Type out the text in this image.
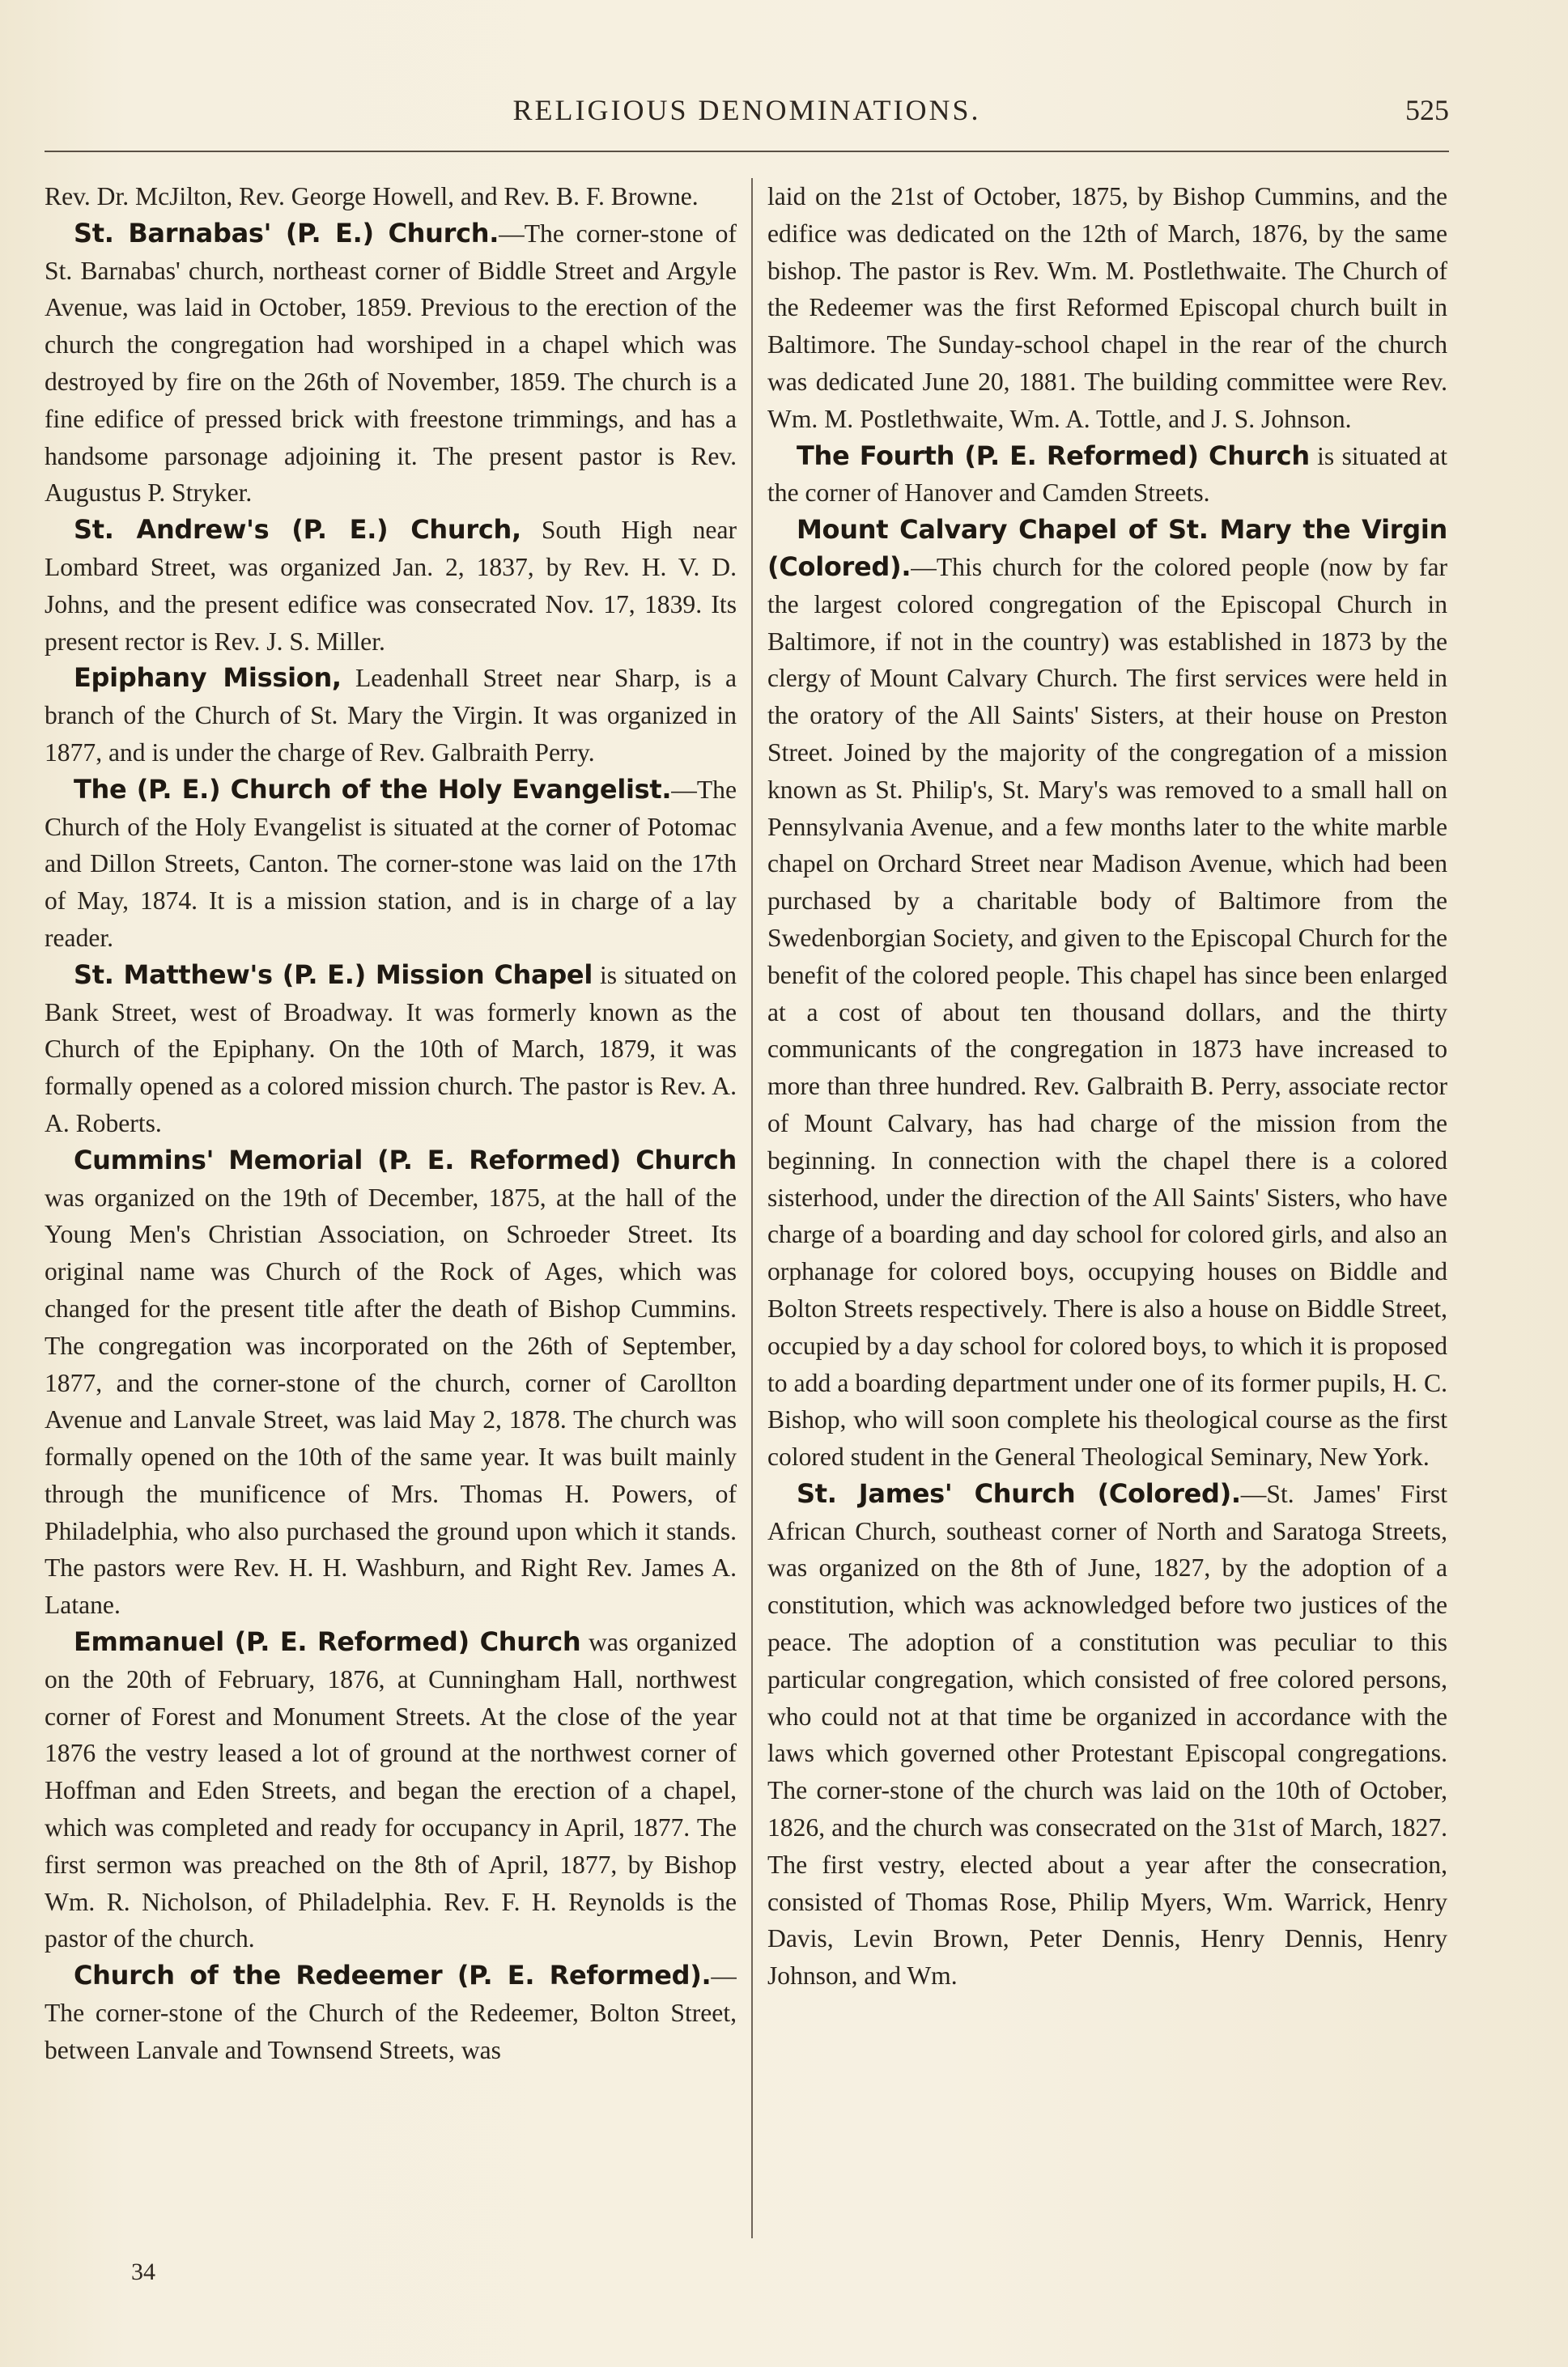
RELIGIOUS DENOMINATIONS.	525

Rev. Dr. McJilton, Rev. George Howell, and Rev. B. F. Browne.

St. Barnabas' (P. E.) Church.—The corner-stone of St. Barnabas' church, northeast corner of Biddle Street and Argyle Avenue, was laid in October, 1859. Previous to the erection of the church the congregation had worshiped in a chapel which was destroyed by fire on the 26th of November, 1859. The church is a fine edifice of pressed brick with freestone trimmings, and has a handsome parsonage adjoining it. The present pastor is Rev. Augustus P. Stryker.

St. Andrew's (P. E.) Church, South High near Lombard Street, was organized Jan. 2, 1837, by Rev. H. V. D. Johns, and the present edifice was consecrated Nov. 17, 1839. Its present rector is Rev. J. S. Miller.

Epiphany Mission, Leadenhall Street near Sharp, is a branch of the Church of St. Mary the Virgin. It was organized in 1877, and is under the charge of Rev. Galbraith Perry.

The (P. E.) Church of the Holy Evangelist.—The Church of the Holy Evangelist is situated at the corner of Potomac and Dillon Streets, Canton. The corner-stone was laid on the 17th of May, 1874. It is a mission station, and is in charge of a lay reader.

St. Matthew's (P. E.) Mission Chapel is situated on Bank Street, west of Broadway. It was formerly known as the Church of the Epiphany. On the 10th of March, 1879, it was formally opened as a colored mission church. The pastor is Rev. A. A. Roberts.

Cummins' Memorial (P. E. Reformed) Church was organized on the 19th of December, 1875, at the hall of the Young Men's Christian Association, on Schroeder Street. Its original name was Church of the Rock of Ages, which was changed for the present title after the death of Bishop Cummins. The congregation was incorporated on the 26th of September, 1877, and the corner-stone of the church, corner of Carollton Avenue and Lanvale Street, was laid May 2, 1878. The church was formally opened on the 10th of the same year. It was built mainly through the munificence of Mrs. Thomas H. Powers, of Philadelphia, who also purchased the ground upon which it stands. The pastors were Rev. H. H. Washburn, and Right Rev. James A. Latane.

Emmanuel (P. E. Reformed) Church was organized on the 20th of February, 1876, at Cunningham Hall, northwest corner of Forest and Monument Streets. At the close of the year 1876 the vestry leased a lot of ground at the northwest corner of Hoffman and Eden Streets, and began the erection of a chapel, which was completed and ready for occupancy in April, 1877. The first sermon was preached on the 8th of April, 1877, by Bishop Wm. R. Nicholson, of Philadelphia. Rev. F. H. Reynolds is the pastor of the church.

Church of the Redeemer (P. E. Reformed).—The corner-stone of the Church of the Redeemer, Bolton Street, between Lanvale and Townsend Streets, was

laid on the 21st of October, 1875, by Bishop Cummins, and the edifice was dedicated on the 12th of March, 1876, by the same bishop. The pastor is Rev. Wm. M. Postlethwaite. The Church of the Redeemer was the first Reformed Episcopal church built in Baltimore. The Sunday-school chapel in the rear of the church was dedicated June 20, 1881. The building committee were Rev. Wm. M. Postlethwaite, Wm. A. Tottle, and J. S. Johnson.

The Fourth (P. E. Reformed) Church is situated at the corner of Hanover and Camden Streets.

Mount Calvary Chapel of St. Mary the Virgin (Colored).—This church for the colored people (now by far the largest colored congregation of the Episcopal Church in Baltimore, if not in the country) was established in 1873 by the clergy of Mount Calvary Church. The first services were held in the oratory of the All Saints' Sisters, at their house on Preston Street. Joined by the majority of the congregation of a mission known as St. Philip's, St. Mary's was removed to a small hall on Pennsylvania Avenue, and a few months later to the white marble chapel on Orchard Street near Madison Avenue, which had been purchased by a charitable body of Baltimore from the Swedenborgian Society, and given to the Episcopal Church for the benefit of the colored people. This chapel has since been enlarged at a cost of about ten thousand dollars, and the thirty communicants of the congregation in 1873 have increased to more than three hundred. Rev. Galbraith B. Perry, associate rector of Mount Calvary, has had charge of the mission from the beginning. In connection with the chapel there is a colored sisterhood, under the direction of the All Saints' Sisters, who have charge of a boarding and day school for colored girls, and also an orphanage for colored boys, occupying houses on Biddle and Bolton Streets respectively. There is also a house on Biddle Street, occupied by a day school for colored boys, to which it is proposed to add a boarding department under one of its former pupils, H. C. Bishop, who will soon complete his theological course as the first colored student in the General Theological Seminary, New York.

St. James' Church (Colored).—St. James' First African Church, southeast corner of North and Saratoga Streets, was organized on the 8th of June, 1827, by the adoption of a constitution, which was acknowledged before two justices of the peace. The adoption of a constitution was peculiar to this particular congregation, which consisted of free colored persons, who could not at that time be organized in accordance with the laws which governed other Protestant Episcopal congregations. The corner-stone of the church was laid on the 10th of October, 1826, and the church was consecrated on the 31st of March, 1827. The first vestry, elected about a year after the consecration, consisted of Thomas Rose, Philip Myers, Wm. Warrick, Henry Davis, Levin Brown, Peter Dennis, Henry Dennis, Henry Johnson, and Wm.

34
